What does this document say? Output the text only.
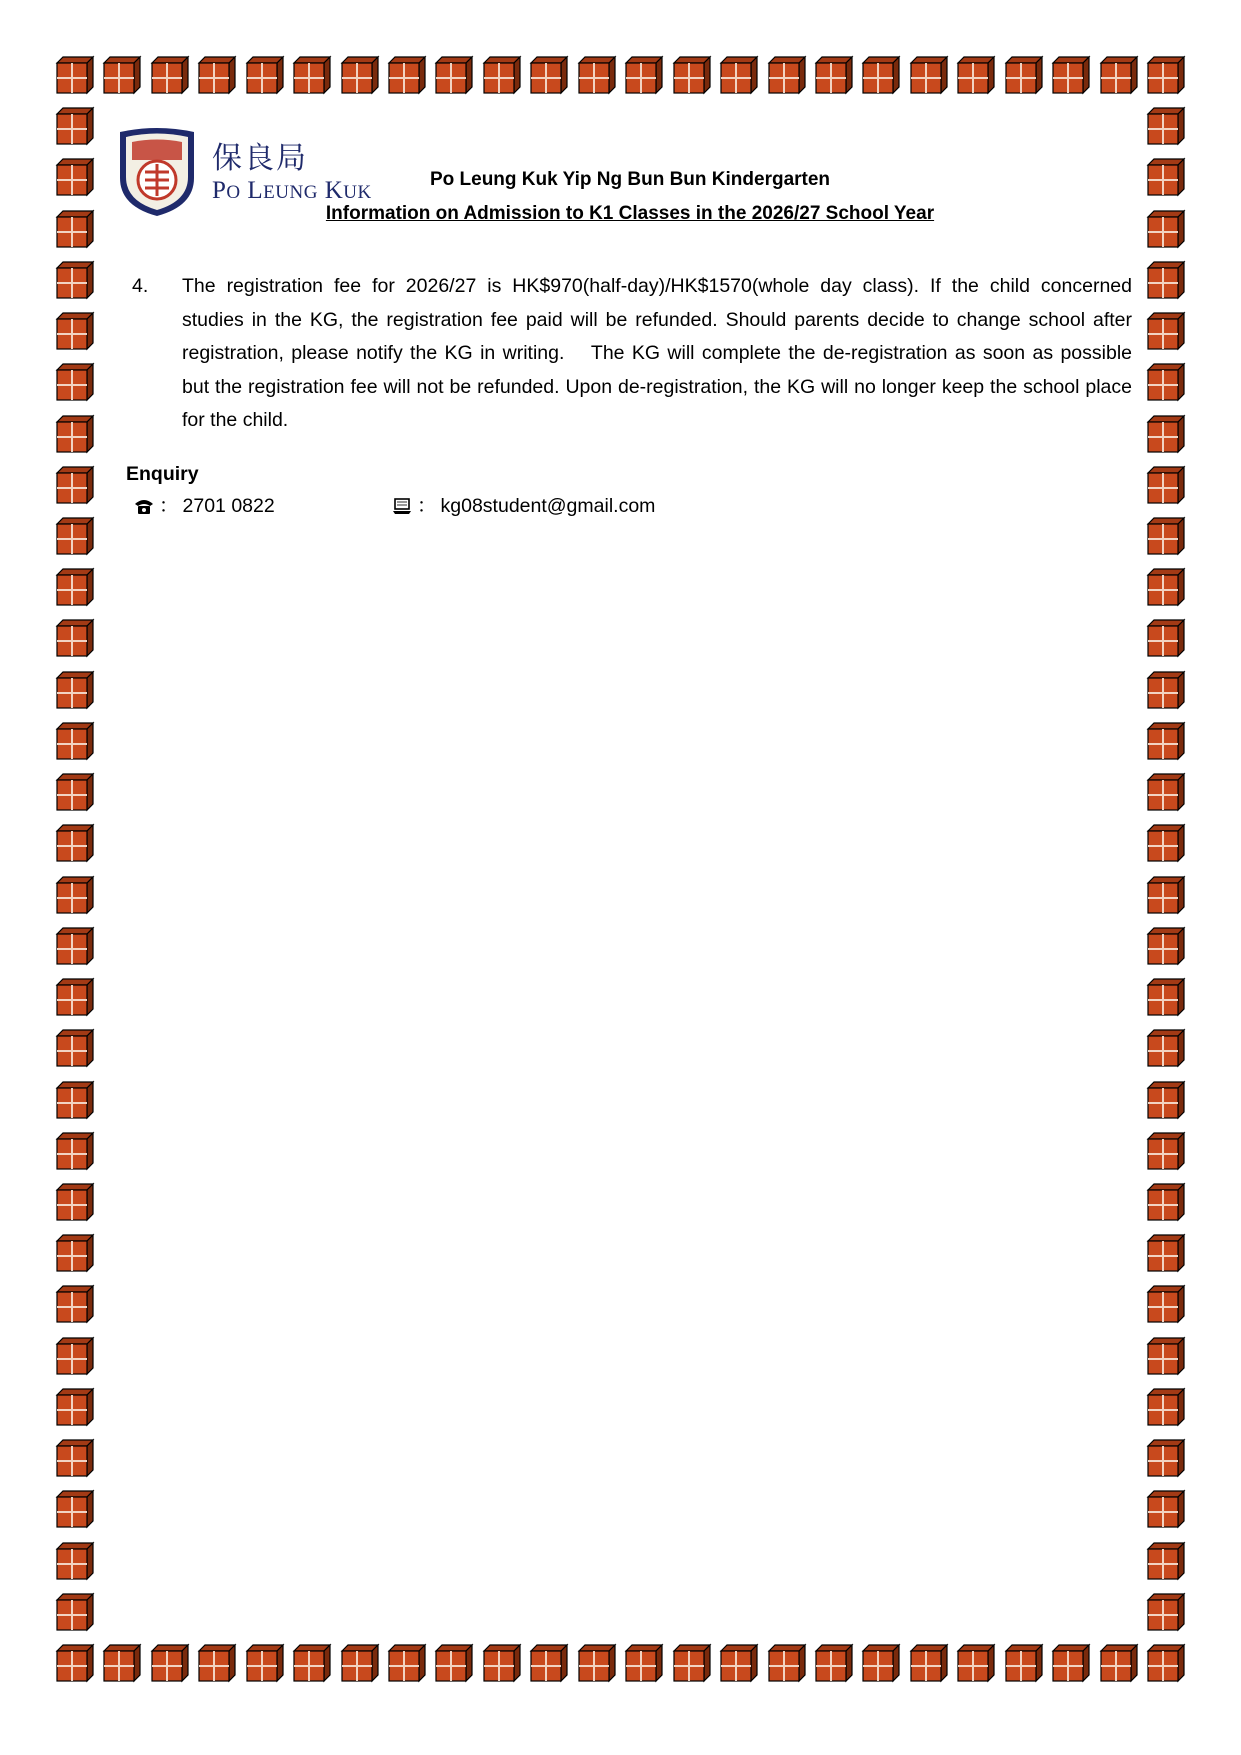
保良局
PO LEUNG KUK
Po Leung Kuk Yip Ng Bun Bun Kindergarten
Information on Admission to K1 Classes in the 2026/27 School Year
4. The registration fee for 2026/27 is HK$970(half-day)/HK$1570(whole day class). If the child concerned studies in the KG, the registration fee paid will be refunded. Should parents decide to change school after registration, please notify the KG in writing.  The KG will complete the de-registration as soon as possible but the registration fee will not be refunded. Upon de-registration, the KG will no longer keep the school place for the child.
Enquiry
： 2701 0822	： kg08student@gmail.com
